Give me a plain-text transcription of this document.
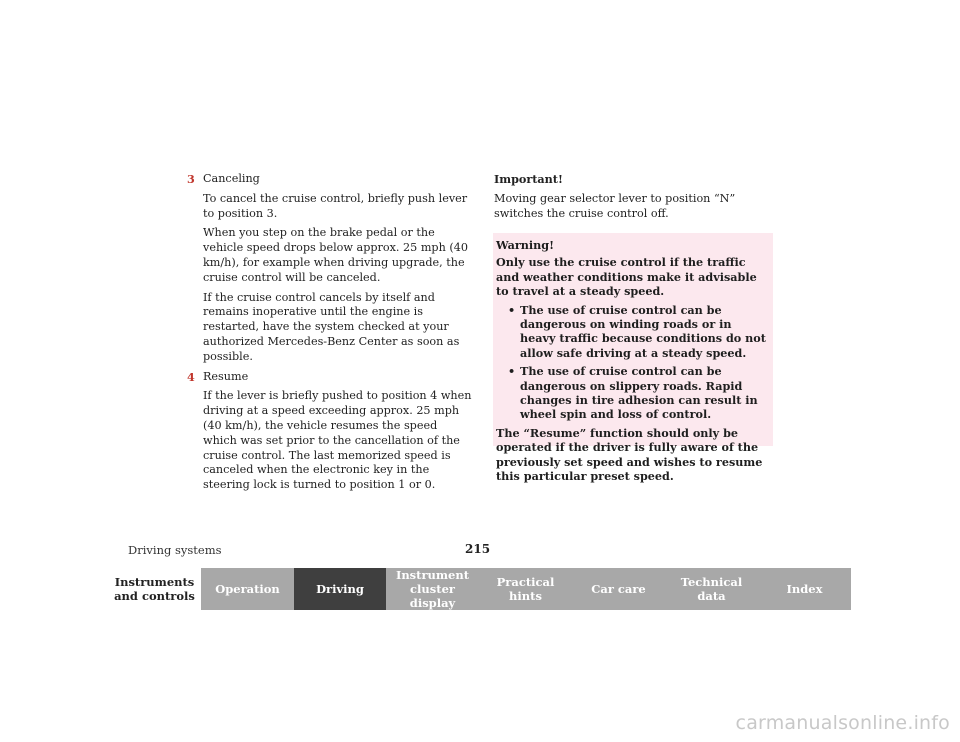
3 Canceling

To cancel the cruise control, briefly push lever to position 3.

When you step on the brake pedal or the vehicle speed drops below approx. 25 mph (40 km/h), for example when driving upgrade, the cruise control will be canceled.

If the cruise control cancels by itself and remains inoperative until the engine is restarted, have the system checked at your authorized Mercedes-Benz Center as soon as possible.

4 Resume

If the lever is briefly pushed to position 4 when driving at a speed exceeding approx. 25 mph (40 km/h), the vehicle resumes the speed which was set prior to the cancellation of the cruise control. The last memorized speed is canceled when the electronic key in the steering lock is turned to position 1 or 0.

Important!

Moving gear selector lever to position “N” switches the cruise control off.

Warning!

Only use the cruise control if the traffic and weather conditions make it advisable to travel at a steady speed.

• The use of cruise control can be dangerous on winding roads or in heavy traffic because conditions do not allow safe driving at a steady speed.
• The use of cruise control can be dangerous on slippery roads. Rapid changes in tire adhesion can result in wheel spin and loss of control.

The “Resume” function should only be operated if the driver is fully aware of the previously set speed and wishes to resume this particular preset speed.

Driving systems	215
Instruments
and controls	Operation	Driving
Instrument
cluster display
Practical hints	Car care	Technical
data	Index
carmanualsonline.info
